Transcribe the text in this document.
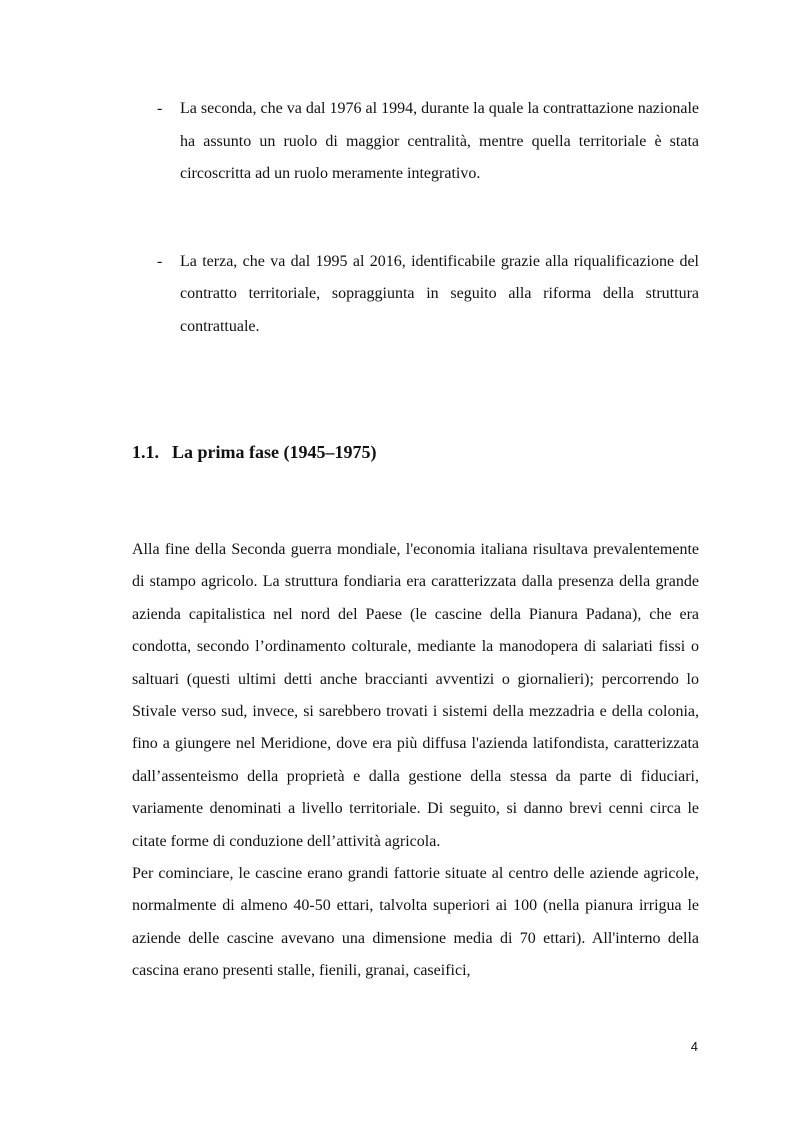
- La seconda, che va dal 1976 al 1994, durante la quale la contrattazione nazionale ha assunto un ruolo di maggior centralità, mentre quella territoriale è stata circoscritta ad un ruolo meramente integrativo.
- La terza, che va dal 1995 al 2016, identificabile grazie alla riqualificazione del contratto territoriale, sopraggiunta in seguito alla riforma della struttura contrattuale.
1.1. La prima fase (1945–1975)

Alla fine della Seconda guerra mondiale, l'economia italiana risultava prevalentemente di stampo agricolo. La struttura fondiaria era caratterizzata dalla presenza della grande azienda capitalistica nel nord del Paese (le cascine della Pianura Padana), che era condotta, secondo l’ordinamento colturale, mediante la manodopera di salariati fissi o saltuari (questi ultimi detti anche braccianti avventizi o giornalieri); percorrendo lo Stivale verso sud, invece, si sarebbero trovati i sistemi della mezzadria e della colonia, fino a giungere nel Meridione, dove era più diffusa l'azienda latifondista, caratterizzata dall’assenteismo della proprietà e dalla gestione della stessa da parte di fiduciari, variamente denominati a livello territoriale. Di seguito, si danno brevi cenni circa le citate forme di conduzione dell’attività agricola.

Per cominciare, le cascine erano grandi fattorie situate al centro delle aziende agricole, normalmente di almeno 40-50 ettari, talvolta superiori ai 100 (nella pianura irrigua le aziende delle cascine avevano una dimensione media di 70 ettari). All'interno della cascina erano presenti stalle, fienili, granai, caseifici,

4
